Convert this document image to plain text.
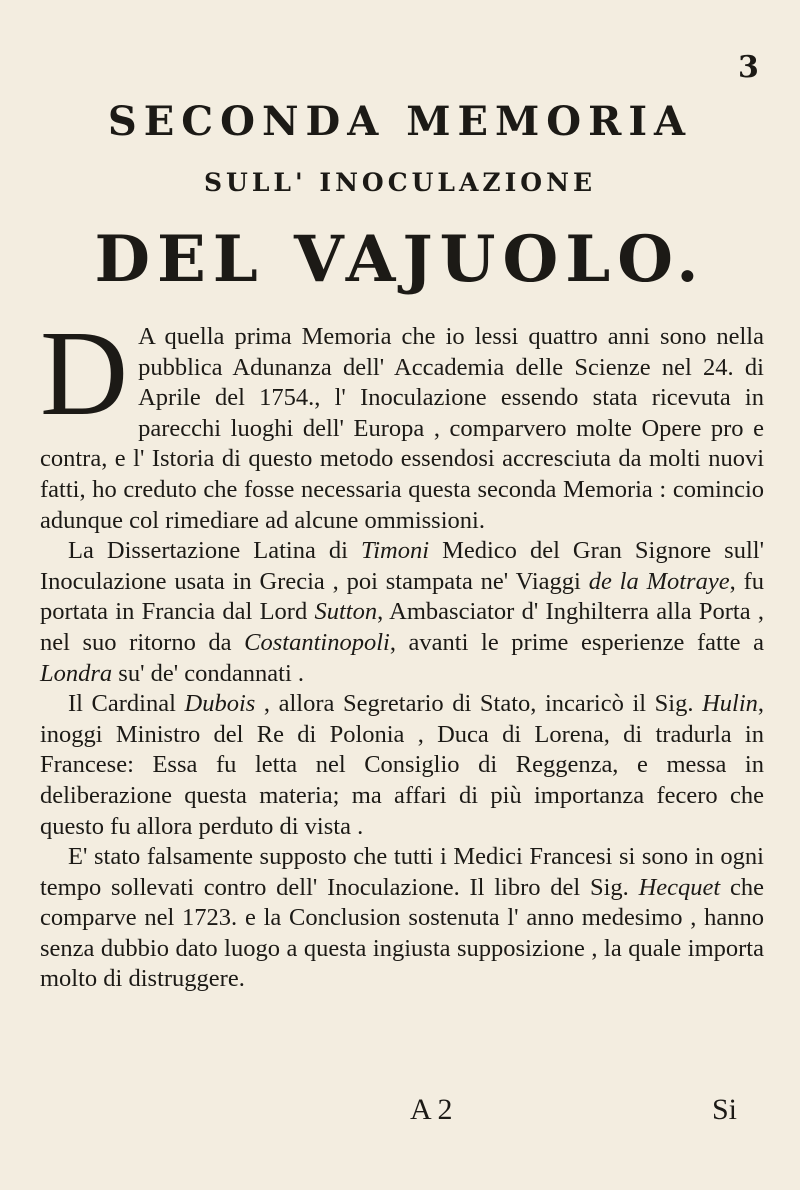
3
SECONDA MEMORIA
SULL' INOCULAZIONE
DEL VAJUOLO.

D A quella prima Memoria che io lessi quattro anni sono nella pubblica Adunanza dell' Accademia delle Scienze nel 24. di Aprile del 1754., l' Inoculazione essendo stata ricevuta in parecchi luoghi dell' Europa , comparvero molte Opere pro e contra, e l' Istoria di questo metodo essendosi accresciuta da molti nuovi fatti, ho creduto che fosse necessaria questa seconda Memoria : comincio adunque col rimediare ad alcune ommissioni.

La Dissertazione Latina di Timoni Medico del Gran Signore sull' Inoculazione usata in Grecia , poi stampata ne' Viaggi de la Motraye, fu portata in Francia dal Lord Sutton, Ambasciator d' Inghilterra alla Porta , nel suo ritorno da Costantinopoli, avanti le prime esperienze fatte a Londra su' de' condannati .

Il Cardinal Dubois , allora Segretario di Stato, incaricò il Sig. Hulin, inoggi Ministro del Re di Polonia , Duca di Lorena, di tradurla in Francese: Essa fu letta nel Consiglio di Reggenza, e messa in deliberazione questa materia; ma affari di più importanza fecero che questo fu allora perduto di vista .

E' stato falsamente supposto che tutti i Medici Francesi si sono in ogni tempo sollevati contro dell' Inoculazione. Il libro del Sig. Hecquet che comparve nel 1723. e la Conclusion sostenuta l' anno medesimo , hanno senza dubbio dato luogo a questa ingiusta supposizione , la quale importa molto di distruggere.

A 2	Si
